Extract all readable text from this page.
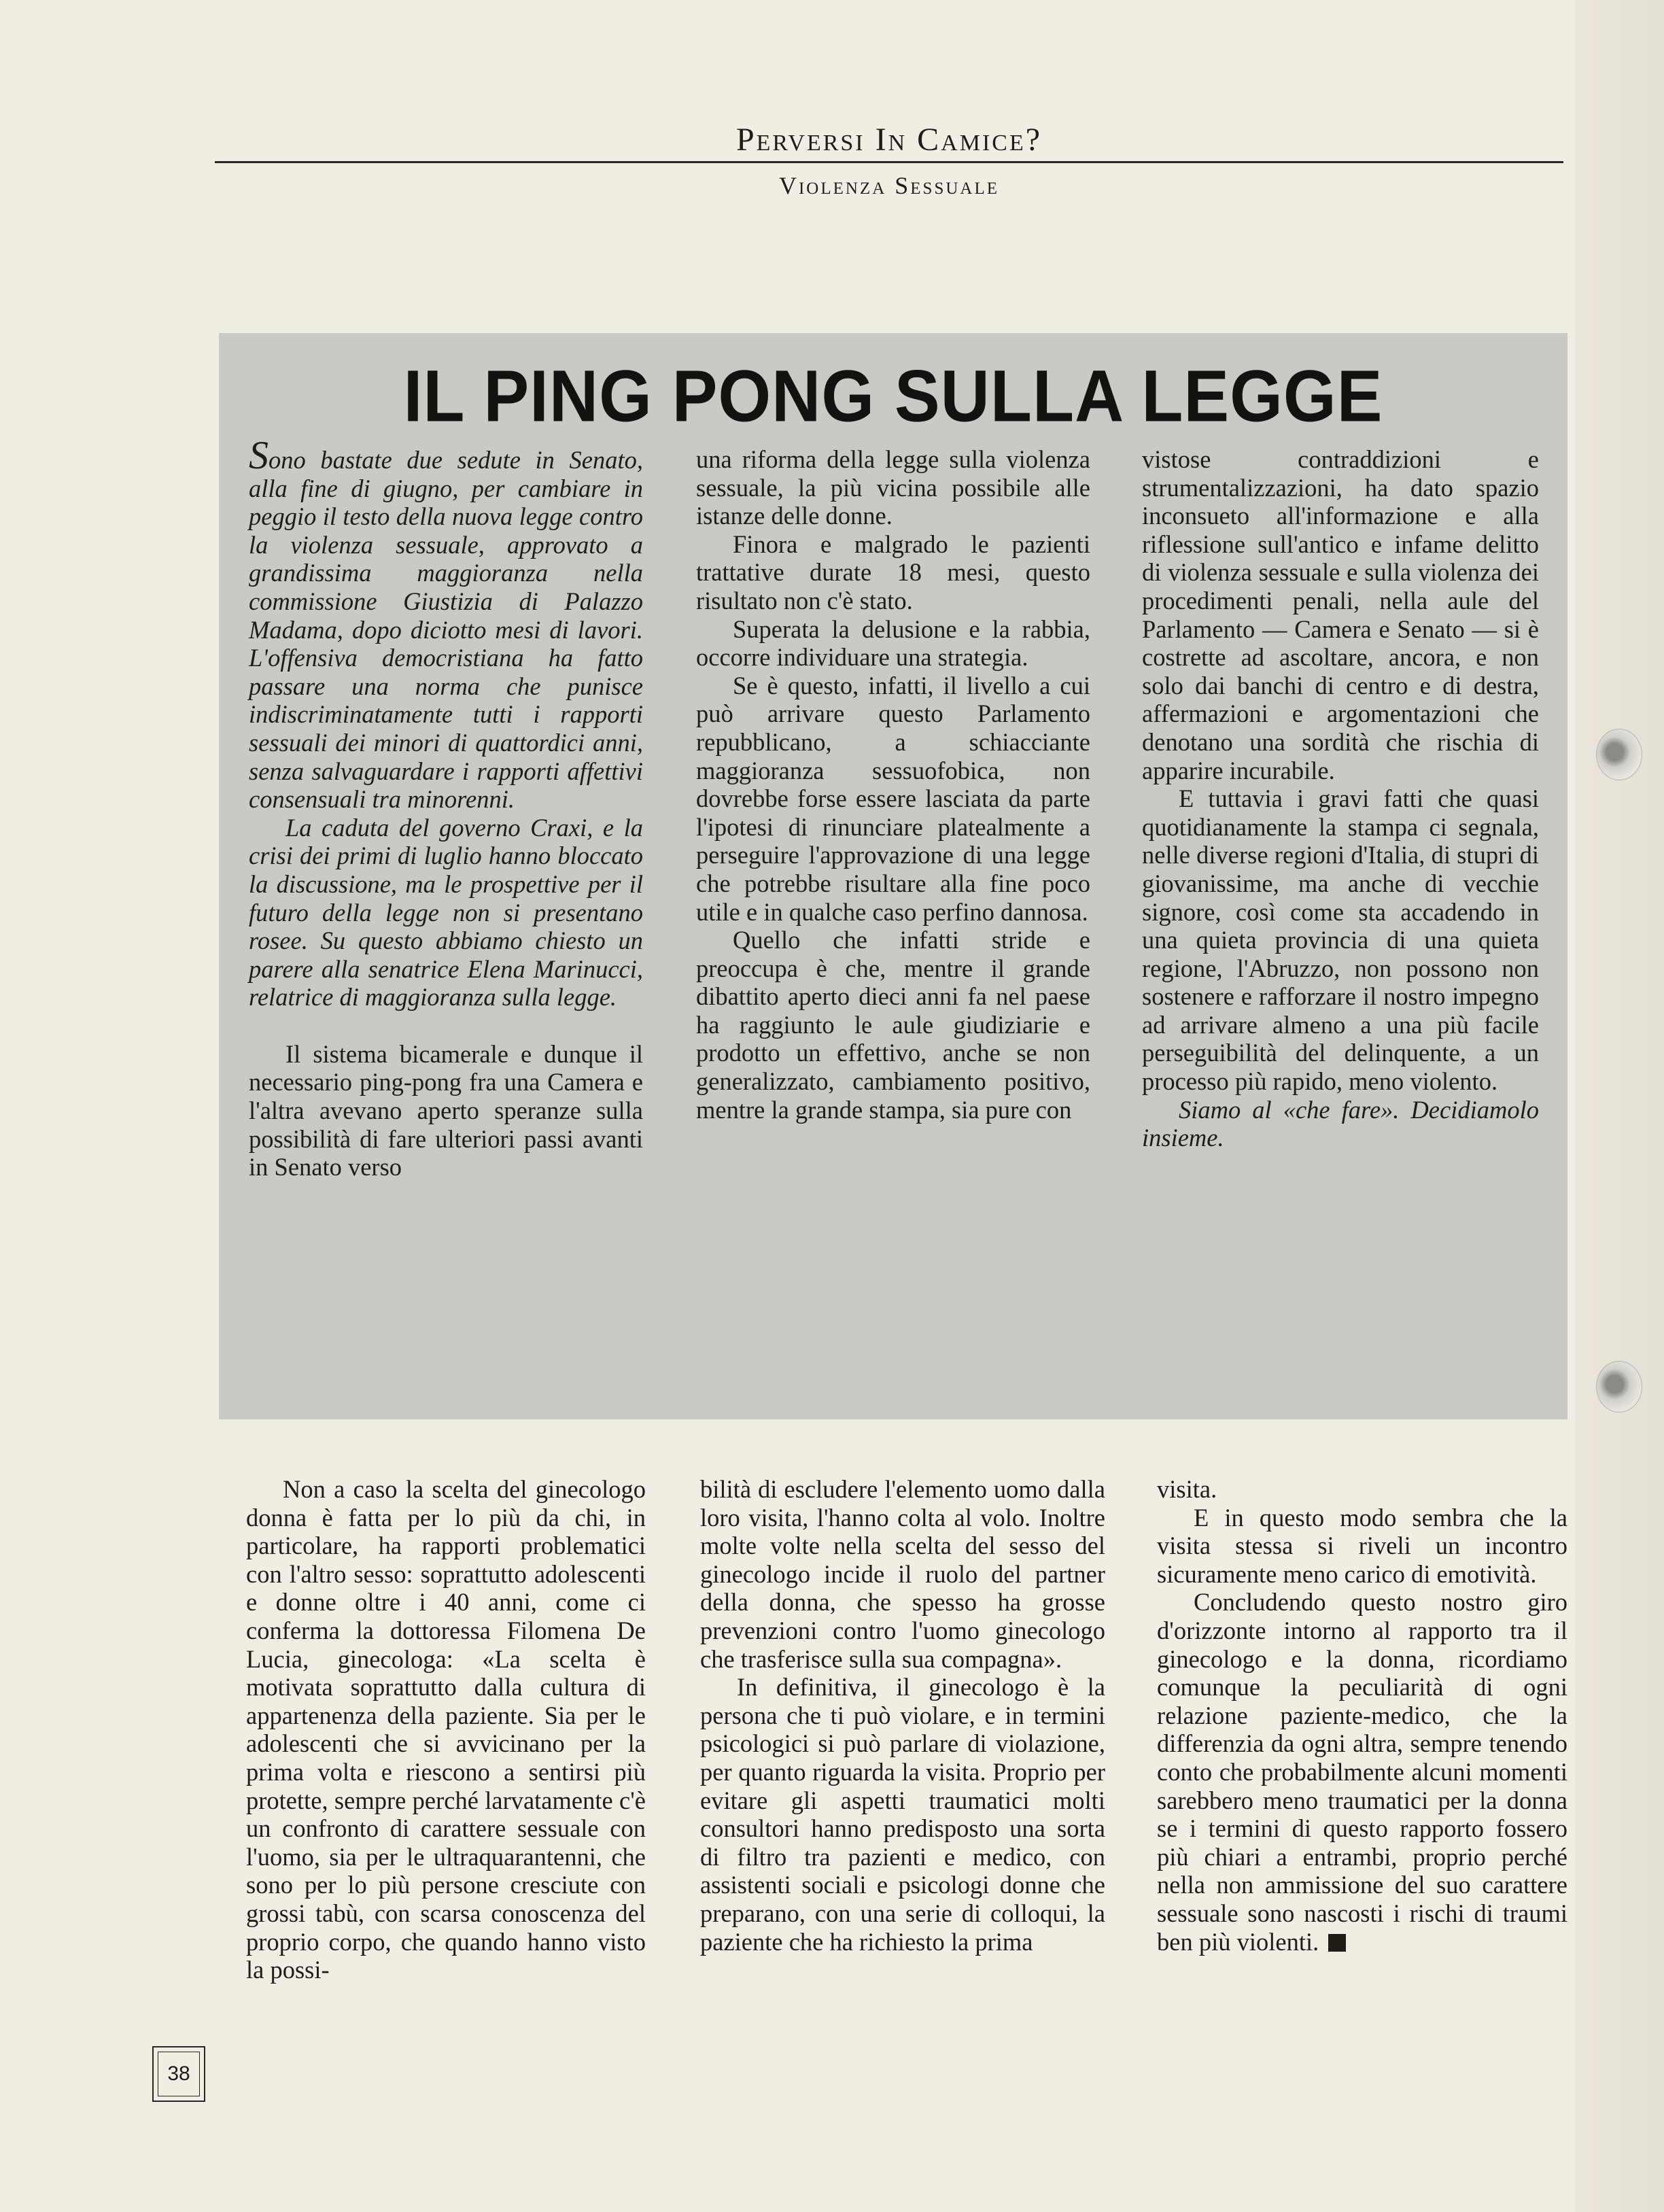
Perversi In Camice?
Violenza Sessuale
IL PING PONG SULLA LEGGE

Sono bastate due sedute in Senato, alla fine di giugno, per cambiare in peggio il testo della nuova legge contro la violenza sessuale, approvato a grandissima maggioranza nella commissione Giustizia di Palazzo Madama, dopo diciotto mesi di lavori. L'offensiva democristiana ha fatto passare una norma che punisce indiscriminatamente tutti i rapporti sessuali dei minori di quattordici anni, senza salvaguardare i rapporti affettivi consensuali tra minorenni.

La caduta del governo Craxi, e la crisi dei primi di luglio hanno bloccato la discussione, ma le prospettive per il futuro della legge non si presentano rosee. Su questo abbiamo chiesto un parere alla senatrice Elena Marinucci, relatrice di maggioranza sulla legge.

Il sistema bicamerale e dunque il necessario ping-pong fra una Camera e l'altra avevano aperto speranze sulla possibilità di fare ulteriori passi avanti in Senato verso

una riforma della legge sulla violenza sessuale, la più vicina possibile alle istanze delle donne.

Finora e malgrado le pazienti trattative durate 18 mesi, questo risultato non c'è stato.

Superata la delusione e la rabbia, occorre individuare una strategia.

Se è questo, infatti, il livello a cui può arrivare questo Parlamento repubblicano, a schiacciante maggioranza sessuofobica, non dovrebbe forse essere lasciata da parte l'ipotesi di rinunciare platealmente a perseguire l'approvazione di una legge che potrebbe risultare alla fine poco utile e in qualche caso perfino dannosa.

Quello che infatti stride e preoccupa è che, mentre il grande dibattito aperto dieci anni fa nel paese ha raggiunto le aule giudiziarie e prodotto un effettivo, anche se non generalizzato, cambiamento positivo, mentre la grande stampa, sia pure con

vistose contraddizioni e strumentalizzazioni, ha dato spazio inconsueto all'informazione e alla riflessione sull'antico e infame delitto di violenza sessuale e sulla violenza dei procedimenti penali, nella aule del Parlamento — Camera e Senato — si è costrette ad ascoltare, ancora, e non solo dai banchi di centro e di destra, affermazioni e argomentazioni che denotano una sordità che rischia di apparire incurabile.

E tuttavia i gravi fatti che quasi quotidianamente la stampa ci segnala, nelle diverse regioni d'Italia, di stupri di giovanissime, ma anche di vecchie signore, così come sta accadendo in una quieta provincia di una quieta regione, l'Abruzzo, non possono non sostenere e rafforzare il nostro impegno ad arrivare almeno a una più facile perseguibilità del delinquente, a un processo più rapido, meno violento.

Siamo al «che fare». Decidiamolo insieme.

Non a caso la scelta del ginecologo donna è fatta per lo più da chi, in particolare, ha rapporti problematici con l'altro sesso: soprattutto adolescenti e donne oltre i 40 anni, come ci conferma la dottoressa Filomena De Lucia, ginecologa: «La scelta è motivata soprattutto dalla cultura di appartenenza della paziente. Sia per le adolescenti che si avvicinano per la prima volta e riescono a sentirsi più protette, sempre perché larvatamente c'è un confronto di carattere sessuale con l'uomo, sia per le ultraquarantenni, che sono per lo più persone cresciute con grossi tabù, con scarsa conoscenza del proprio corpo, che quando hanno visto la possi-

bilità di escludere l'elemento uomo dalla loro visita, l'hanno colta al volo. Inoltre molte volte nella scelta del sesso del ginecologo incide il ruolo del partner della donna, che spesso ha grosse prevenzioni contro l'uomo ginecologo che trasferisce sulla sua compagna».

In definitiva, il ginecologo è la persona che ti può violare, e in termini psicologici si può parlare di violazione, per quanto riguarda la visita. Proprio per evitare gli aspetti traumatici molti consultori hanno predisposto una sorta di filtro tra pazienti e medico, con assistenti sociali e psicologi donne che preparano, con una serie di colloqui, la paziente che ha richiesto la prima

visita.

E in questo modo sembra che la visita stessa si riveli un incontro sicuramente meno carico di emotività.

Concludendo questo nostro giro d'orizzonte intorno al rapporto tra il ginecologo e la donna, ricordiamo comunque la peculiarità di ogni relazione paziente-medico, che la differenzia da ogni altra, sempre tenendo conto che probabilmente alcuni momenti sarebbero meno traumatici per la donna se i termini di questo rapporto fossero più chiari a entrambi, proprio perché nella non ammissione del suo carattere sessuale sono nascosti i rischi di traumi ben più violenti.

38
